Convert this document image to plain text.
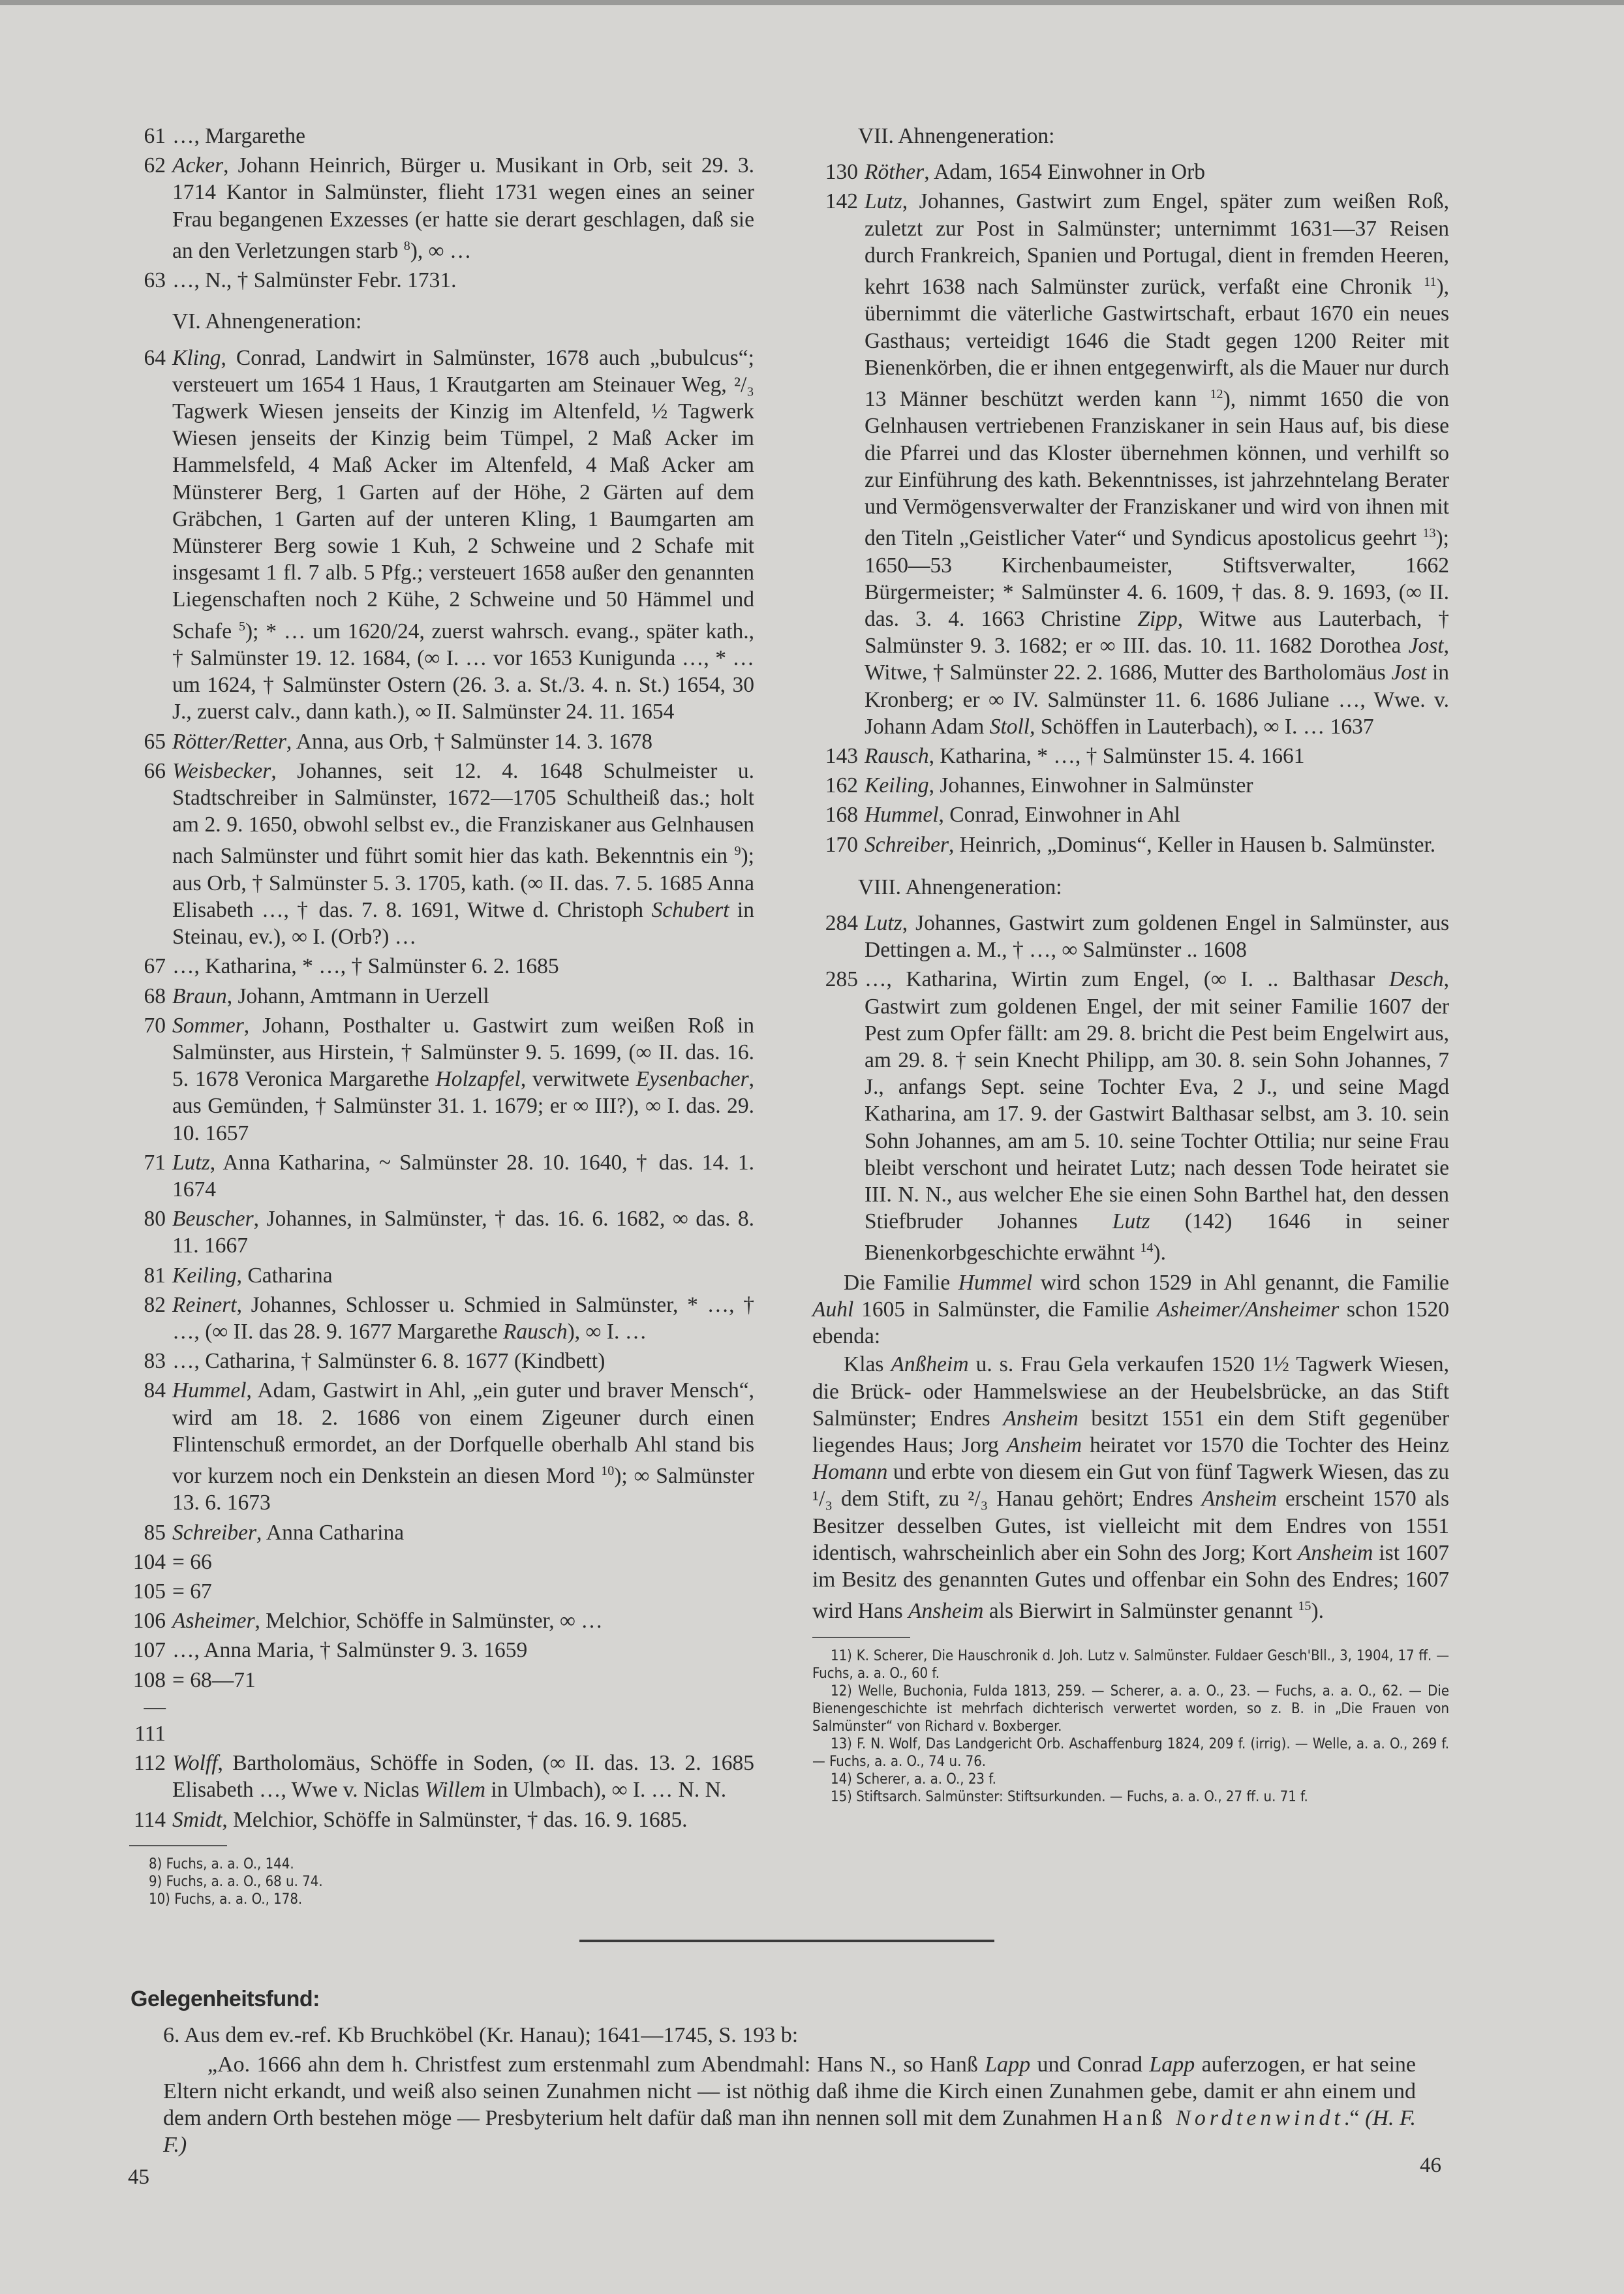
61 …, Margarethe
62 Acker, Johann Heinrich, Bürger u. Musikant in Orb, seit 29. 3. 1714 Kantor in Salmünster, flieht 1731 wegen eines an seiner Frau begangenen Exzesses (er hatte sie derart geschlagen, daß sie an den Verletzungen starb $^8$), ∞ …
63 …, N., † Salmünster Febr. 1731.
VI. Ahnengeneration:
64 Kling, Conrad, Landwirt in Salmünster, 1678 auch „bubulcus“; versteuert um 1654 1 Haus, 1 Krautgarten am Steinauer Weg, ²/₃ Tagwerk Wiesen jenseits der Kinzig im Altenfeld, ½ Tagwerk Wiesen jenseits der Kinzig beim Tümpel, 2 Maß Acker im Hammelsfeld, 4 Maß Acker im Altenfeld, 4 Maß Acker am Münsterer Berg, 1 Garten auf der Höhe, 2 Gärten auf dem Gräbchen, 1 Garten auf der unteren Kling, 1 Baumgarten am Münsterer Berg sowie 1 Kuh, 2 Schweine und 2 Schafe mit insgesamt 1 fl. 7 alb. 5 Pfg.; versteuert 1658 außer den genannten Liegenschaften noch 2 Kühe, 2 Schweine und 50 Hämmel und Schafe $^5$); * … um 1620/24, zuerst wahrsch. evang., später kath., † Salmünster 19. 12. 1684, (∞ I. … vor 1653 Kunigunda …, * … um 1624, † Salmünster Ostern (26. 3. a. St./3. 4. n. St.) 1654, 30 J., zuerst calv., dann kath.), ∞ II. Salmünster 24. 11. 1654
65 Rötter/Retter, Anna, aus Orb, † Salmünster 14. 3. 1678
66 Weisbecker, Johannes, seit 12. 4. 1648 Schulmeister u. Stadtschreiber in Salmünster, 1672—1705 Schultheiß das.; holt am 2. 9. 1650, obwohl selbst ev., die Franziskaner aus Gelnhausen nach Salmünster und führt somit hier das kath. Bekenntnis ein $^9$); aus Orb, † Salmünster 5. 3. 1705, kath. (∞ II. das. 7. 5. 1685 Anna Elisabeth …, † das. 7. 8. 1691, Witwe d. Christoph Schubert in Steinau, ev.), ∞ I. (Orb?) …
67 …, Katharina, * …, † Salmünster 6. 2. 1685
68 Braun, Johann, Amtmann in Uerzell
70 Sommer, Johann, Posthalter u. Gastwirt zum weißen Roß in Salmünster, aus Hirstein, † Salmünster 9. 5. 1699, (∞ II. das. 16. 5. 1678 Veronica Margarethe Holzapfel, verwitwete Eysenbacher, aus Gemünden, † Salmünster 31. 1. 1679; er ∞ III?), ∞ I. das. 29. 10. 1657
71 Lutz, Anna Katharina, ~ Salmünster 28. 10. 1640, † das. 14. 1. 1674
80 Beuscher, Johannes, in Salmünster, † das. 16. 6. 1682, ∞ das. 8. 11. 1667
81 Keiling, Catharina
82 Reinert, Johannes, Schlosser u. Schmied in Salmünster, * …, † …, (∞ II. das 28. 9. 1677 Margarethe Rausch), ∞ I. …
83 …, Catharina, † Salmünster 6. 8. 1677 (Kindbett)
84 Hummel, Adam, Gastwirt in Ahl, „ein guter und braver Mensch“, wird am 18. 2. 1686 von einem Zigeuner durch einen Flintenschuß ermordet, an der Dorfquelle oberhalb Ahl stand bis vor kurzem noch ein Denkstein an diesen Mord $^{10}$); ∞ Salmünster 13. 6. 1673
85 Schreiber, Anna Catharina
104 = 66
105 = 67
106 Asheimer, Melchior, Schöffe in Salmünster, ∞ …
107 …, Anna Maria, † Salmünster 9. 3. 1659
108—111
= 68—71
112 Wolff, Bartholomäus, Schöffe in Soden, (∞ II. das. 13. 2. 1685 Elisabeth …, Wwe v. Niclas Willem in Ulmbach), ∞ I. … N. N.
114 Smidt, Melchior, Schöffe in Salmünster, † das. 16. 9. 1685.

8) Fuchs, a. a. O., 144.

9) Fuchs, a. a. O., 68 u. 74.

10) Fuchs, a. a. O., 178.

VII. Ahnengeneration:
130 Röther, Adam, 1654 Einwohner in Orb
142 Lutz, Johannes, Gastwirt zum Engel, später zum weißen Roß, zuletzt zur Post in Salmünster; unternimmt 1631—37 Reisen durch Frankreich, Spanien und Portugal, dient in fremden Heeren, kehrt 1638 nach Salmünster zurück, verfaßt eine Chronik $^{11}$), übernimmt die väterliche Gastwirtschaft, erbaut 1670 ein neues Gasthaus; verteidigt 1646 die Stadt gegen 1200 Reiter mit Bienenkörben, die er ihnen entgegenwirft, als die Mauer nur durch 13 Männer beschützt werden kann $^{12}$), nimmt 1650 die von Gelnhausen vertriebenen Franziskaner in sein Haus auf, bis diese die Pfarrei und das Kloster übernehmen können, und verhilft so zur Einführung des kath. Bekenntnisses, ist jahrzehntelang Berater und Vermögensverwalter der Franziskaner und wird von ihnen mit den Titeln „Geistlicher Vater“ und Syndicus apostolicus geehrt $^{13}$); 1650—53 Kirchenbaumeister, Stiftsverwalter, 1662 Bürgermeister; * Salmünster 4. 6. 1609, † das. 8. 9. 1693, (∞ II. das. 3. 4. 1663 Christine Zipp, Witwe aus Lauterbach, † Salmünster 9. 3. 1682; er ∞ III. das. 10. 11. 1682 Dorothea Jost, Witwe, † Salmünster 22. 2. 1686, Mutter des Bartholomäus Jost in Kronberg; er ∞ IV. Salmünster 11. 6. 1686 Juliane …, Wwe. v. Johann Adam Stoll, Schöffen in Lauterbach), ∞ I. … 1637
143 Rausch, Katharina, * …, † Salmünster 15. 4. 1661
162 Keiling, Johannes, Einwohner in Salmünster
168 Hummel, Conrad, Einwohner in Ahl
170 Schreiber, Heinrich, „Dominus“, Keller in Hausen b. Salmünster.
VIII. Ahnengeneration:
284 Lutz, Johannes, Gastwirt zum goldenen Engel in Salmünster, aus Dettingen a. M., † …, ∞ Salmünster .. 1608
285 …, Katharina, Wirtin zum Engel, (∞ I. .. Balthasar Desch, Gastwirt zum goldenen Engel, der mit seiner Familie 1607 der Pest zum Opfer fällt: am 29. 8. bricht die Pest beim Engelwirt aus, am 29. 8. † sein Knecht Philipp, am 30. 8. sein Sohn Johannes, 7 J., anfangs Sept. seine Tochter Eva, 2 J., und seine Magd Katharina, am 17. 9. der Gastwirt Balthasar selbst, am 3. 10. sein Sohn Johannes, am am 5. 10. seine Tochter Ottilia; nur seine Frau bleibt verschont und heiratet Lutz; nach dessen Tode heiratet sie III. N. N., aus welcher Ehe sie einen Sohn Barthel hat, den dessen Stiefbruder Johannes Lutz (142) 1646 in seiner Bienenkorbgeschichte erwähnt $^{14}$).

Die Familie Hummel wird schon 1529 in Ahl genannt, die Familie Auhl 1605 in Salmünster, die Familie Asheimer/Ansheimer schon 1520 ebenda:

Klas Anßheim u. s. Frau Gela verkaufen 1520 1½ Tagwerk Wiesen, die Brück- oder Hammelswiese an der Heubelsbrücke, an das Stift Salmünster; Endres Ansheim besitzt 1551 ein dem Stift gegenüber liegendes Haus; Jorg Ansheim heiratet vor 1570 die Tochter des Heinz Homann und erbte von diesem ein Gut von fünf Tagwerk Wiesen, das zu ¹/₃ dem Stift, zu ²/₃ Hanau gehört; Endres Ansheim erscheint 1570 als Besitzer desselben Gutes, ist vielleicht mit dem Endres von 1551 identisch, wahrscheinlich aber ein Sohn des Jorg; Kort Ansheim ist 1607 im Besitz des genannten Gutes und offenbar ein Sohn des Endres; 1607 wird Hans Ansheim als Bierwirt in Salmünster genannt $^{15}$).

11) K. Scherer, Die Hauschronik d. Joh. Lutz v. Salmünster. Fuldaer Gesch'Bll., 3, 1904, 17 ff. — Fuchs, a. a. O., 60 f.

12) Welle, Buchonia, Fulda 1813, 259. — Scherer, a. a. O., 23. — Fuchs, a. a. O., 62. — Die Bienengeschichte ist mehrfach dichterisch verwertet worden, so z. B. in „Die Frauen von Salmünster“ von Richard v. Boxberger.

13) F. N. Wolf, Das Landgericht Orb. Aschaffenburg 1824, 209 f. (irrig). — Welle, a. a. O., 269 f. — Fuchs, a. a. O., 74 u. 76.

14) Scherer, a. a. O., 23 f.

15) Stiftsarch. Salmünster: Stiftsurkunden. — Fuchs, a. a. O., 27 ff. u. 71 f.

Gelegenheitsfund:
6. Aus dem ev.-ref. Kb Bruchköbel (Kr. Hanau); 1641—1745, S. 193 b:
„Ao. 1666 ahn dem h. Christfest zum erstenmahl zum Abendmahl: Hans N., so Hanß Lapp und Conrad Lapp auferzogen, er hat seine Eltern nicht erkandt, und weiß also seinen Zunahmen nicht — ist nöthig daß ihme die Kirch einen Zunahmen gebe, damit er ahn einem und dem andern Orth bestehen möge — Presbyterium helt dafür daß man ihn nennen soll mit dem Zunahmen Hanß Nordtenwindt.“ (H. F. F.)
45	46
